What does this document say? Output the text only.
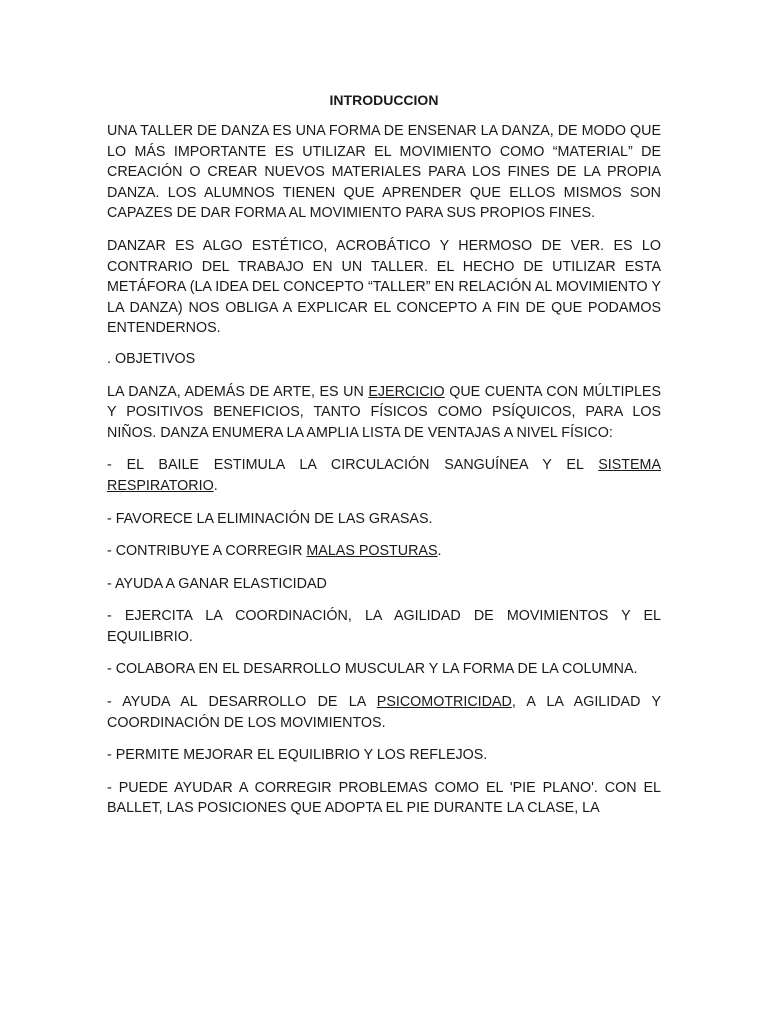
INTRODUCCION

UNA TALLER DE DANZA ES UNA FORMA DE ENSENAR LA DANZA, DE MODO QUE LO MÁS IMPORTANTE ES UTILIZAR EL MOVIMIENTO COMO “MATERIAL” DE CREACIÓN O CREAR NUEVOS MATERIALES PARA LOS FINES DE LA PROPIA DANZA. LOS ALUMNOS TIENEN QUE APRENDER QUE ELLOS MISMOS SON CAPAZES DE DAR FORMA AL MOVIMIENTO PARA SUS PROPIOS FINES.

DANZAR ES ALGO ESTÉTICO, ACROBÁTICO Y HERMOSO DE VER. ES LO CONTRARIO DEL TRABAJO EN UN TALLER. EL HECHO DE UTILIZAR ESTA METÁFORA (LA IDEA DEL CONCEPTO “TALLER” EN RELACIÓN AL MOVIMIENTO Y LA DANZA) NOS OBLIGA A EXPLICAR EL CONCEPTO A FIN DE QUE PODAMOS ENTENDERNOS.

. OBJETIVOS

LA DANZA, ADEMÁS DE ARTE, ES UN EJERCICIO QUE CUENTA CON MÚLTIPLES Y POSITIVOS BENEFICIOS, TANTO FÍSICOS COMO PSÍQUICOS, PARA LOS NIÑOS. DANZA ENUMERA LA AMPLIA LISTA DE VENTAJAS A NIVEL FÍSICO:

- EL BAILE ESTIMULA LA CIRCULACIÓN SANGUÍNEA Y EL SISTEMA RESPIRATORIO.

- FAVORECE LA ELIMINACIÓN DE LAS GRASAS.

- CONTRIBUYE A CORREGIR MALAS POSTURAS.

- AYUDA A GANAR ELASTICIDAD

- EJERCITA LA COORDINACIÓN, LA AGILIDAD DE MOVIMIENTOS Y EL EQUILIBRIO.

- COLABORA EN EL DESARROLLO MUSCULAR Y LA FORMA DE LA COLUMNA.

- AYUDA AL DESARROLLO DE LA PSICOMOTRICIDAD, A LA AGILIDAD Y COORDINACIÓN DE LOS MOVIMIENTOS.

- PERMITE MEJORAR EL EQUILIBRIO Y LOS REFLEJOS.

- PUEDE AYUDAR A CORREGIR PROBLEMAS COMO EL 'PIE PLANO'. CON EL BALLET, LAS POSICIONES QUE ADOPTA EL PIE DURANTE LA CLASE, LA
